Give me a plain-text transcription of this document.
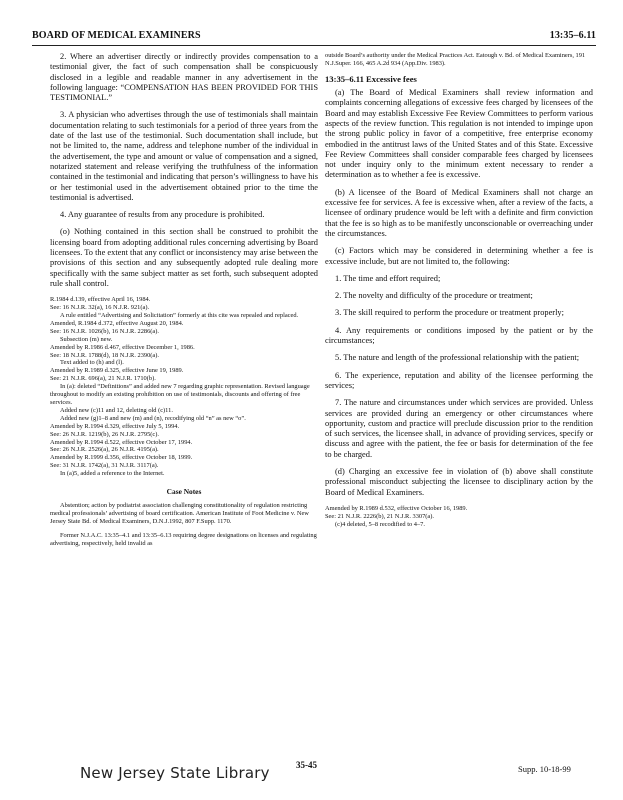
BOARD OF MEDICAL EXAMINERS	13:35–6.11

2. Where an advertiser directly or indirectly provides compensation to a testimonial giver, the fact of such compensation shall be conspicuously disclosed in a legible and readable manner in any advertisement in the following language: “COMPENSATION HAS BEEN PROVIDED FOR THIS TESTIMONIAL.”

3. A physician who advertises through the use of testimonials shall maintain documentation relating to such testimonials for a period of three years from the date of the last use of the testimonial. Such documentation shall include, but not be limited to, the name, address and telephone number of the individual in the advertisement, the type and amount or value of compensation and a signed, notarized statement and release verifying the truthfulness of the information contained in the testimonial and indicating that person’s willingness to have his or her testimonial used in the advertisement obtained prior to the time the testimonial is advertised.

4. Any guarantee of results from any procedure is prohibited.

(o) Nothing contained in this section shall be construed to prohibit the licensing board from adopting additional rules concerning advertising by Board licensees. To the extent that any conflict or inconsistency may arise between the provisions of this section and any subsequently adopted rule dealing more specifically with the same subject matter as set forth, such subsequent adopted rule shall control.

R.1984 d.139, effective April 16, 1984.

See: 16 N.J.R. 32(a), 16 N.J.R. 921(a).

A rule entitled “Advertising and Solicitation” formerly at this cite was repealed and replaced.

Amended, R.1984 d.372, effective August 20, 1984.

See: 16 N.J.R. 1026(b), 16 N.J.R. 2286(a).

Subsection (m) new.

Amended by R.1986 d.467, effective December 1, 1986.

See: 18 N.J.R. 1788(d), 18 N.J.R. 2390(a).

Text added to (h) and (l).

Amended by R.1989 d.325, effective June 19, 1989.

See: 21 N.J.R. 696(a), 21 N.J.R. 1710(b).

In (a): deleted “Definitions” and added new 7 regarding graphic representation. Revised language throughout to modify an existing prohibition on use of testimonials, discounts and offering of free services.

Added new (c)11 and 12, deleting old (c)11.

Added new (g)1–8 and new (m) and (n), recodifying old “n” as new “o”.

Amended by R.1994 d.329, effective July 5, 1994.

See: 26 N.J.R. 1219(b), 26 N.J.R. 2795(c).

Amended by R.1994 d.522, effective October 17, 1994.

See: 26 N.J.R. 2526(a), 26 N.J.R. 4195(a).

Amended by R.1999 d.356, effective October 18, 1999.

See: 31 N.J.R. 1742(a), 31 N.J.R. 3117(a).

In (a)5, added a reference to the Internet.

Case Notes

Abstention; action by podiatrist association challenging constitutionality of regulation restricting medical professionals’ advertising of board certification. American Institute of Foot Medicine v. New Jersey State Bd. of Medical Examiners, D.N.J.1992, 807 F.Supp. 1170.

Former N.J.A.C. 13:35–4.1 and 13:35–6.13 requiring degree designations on licenses and regulating advertising, respectively, held invalid as

outside Board’s authority under the Medical Practices Act. Eatough v. Bd. of Medical Examiners, 191 N.J.Super. 166, 465 A.2d 934 (App.Div. 1983).

13:35–6.11 Excessive fees

(a) The Board of Medical Examiners shall review information and complaints concerning allegations of excessive fees charged by licensees of the Board and may establish Excessive Fee Review Committees to perform various aspects of the review function. This regulation is not intended to impinge upon the strong public policy in favor of a competitive, free enterprise economy embodied in the antitrust laws of the United States and of this State. Excessive Fee Review Committees shall consider comparable fees charged by licensees not under inquiry only to the minimum extent necessary to render a determination as to whether a fee is excessive.

(b) A licensee of the Board of Medical Examiners shall not charge an excessive fee for services. A fee is excessive when, after a review of the facts, a licensee of ordinary prudence would be left with a definite and firm conviction that the fee is so high as to be manifestly unconscionable or overreaching under the circumstances.

(c) Factors which may be considered in determining whether a fee is excessive include, but are not limited to, the following:

1. The time and effort required;

2. The novelty and difficulty of the procedure or treatment;

3. The skill required to perform the procedure or treatment properly;

4. Any requirements or conditions imposed by the patient or by the circumstances;

5. The nature and length of the professional relationship with the patient;

6. The experience, reputation and ability of the licensee performing the services;

7. The nature and circumstances under which services are provided. Unless services are provided during an emergency or other circumstances where opportunity, custom and practice will preclude discussion prior to the rendition of such services, the licensee shall, in advance of providing services, specify or discuss and agree with the patient, the fee or basis for determination of the fee to be charged.

(d) Charging an excessive fee in violation of (b) above shall constitute professional misconduct subjecting the licensee to disciplinary action by the Board of Medical Examiners.

Amended by R.1989 d.532, effective October 16, 1989.

See: 21 N.J.R. 2226(b), 21 N.J.R. 3307(a).

(c)4 deleted, 5–8 recodified to 4–7.

New Jersey State Library	35-45	Supp. 10-18-99
